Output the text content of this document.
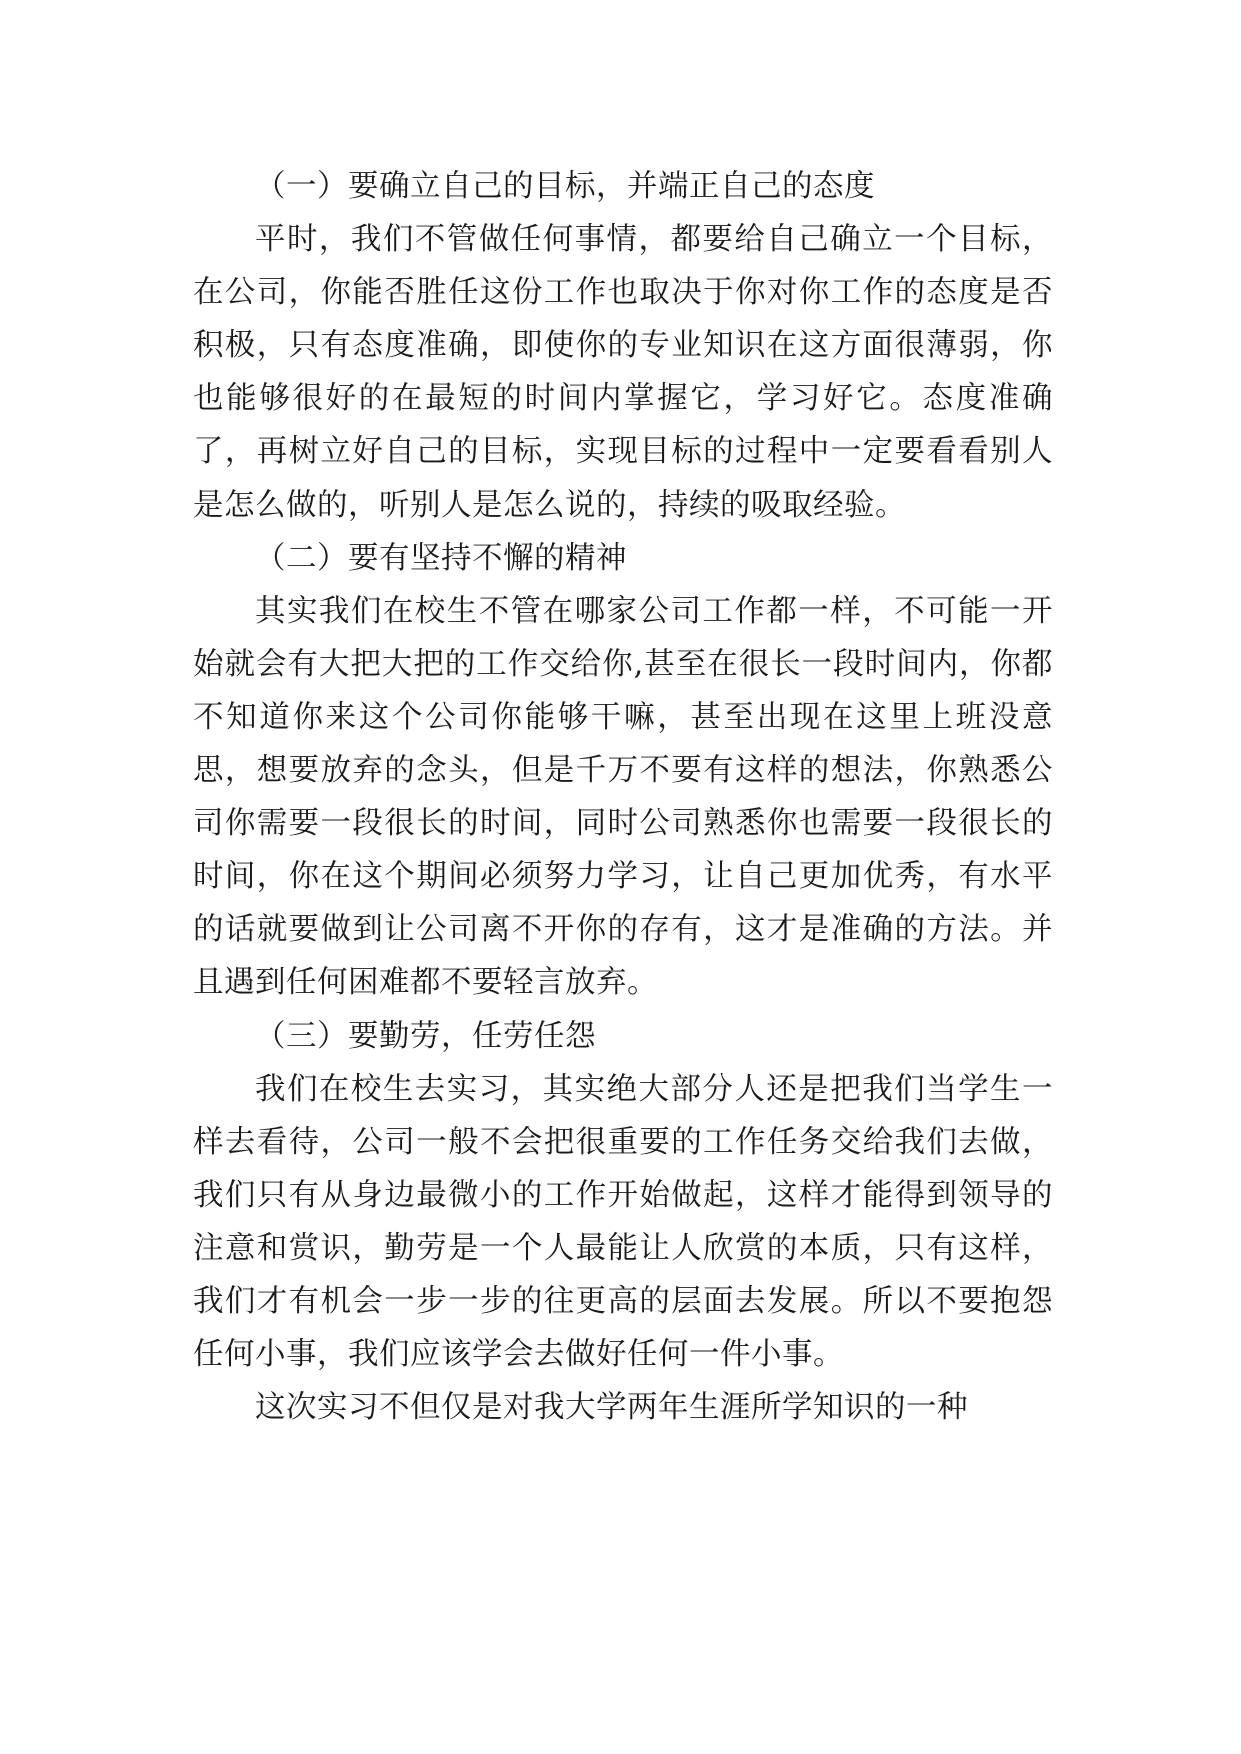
（一）要确立自己的目标，并端正自己的态度

平时，我们不管做任何事情，都要给自己确立一个目标，在公司，你能否胜任这份工作也取决于你对你工作的态度是否积极，只有态度准确，即使你的专业知识在这方面很薄弱，你也能够很好的在最短的时间内掌握它，学习好它。态度准确了，再树立好自己的目标，实现目标的过程中一定要看看别人是怎么做的，听别人是怎么说的，持续的吸取经验。

（二）要有坚持不懈的精神

其实我们在校生不管在哪家公司工作都一样，不可能一开始就会有大把大把的工作交给你,甚至在很长一段时间内，你都不知道你来这个公司你能够干嘛，甚至出现在这里上班没意思，想要放弃的念头，但是千万不要有这样的想法，你熟悉公司你需要一段很长的时间，同时公司熟悉你也需要一段很长的时间，你在这个期间必须努力学习，让自己更加优秀，有水平的话就要做到让公司离不开你的存有，这才是准确的方法。并且遇到任何困难都不要轻言放弃。

（三）要勤劳，任劳任怨

我们在校生去实习，其实绝大部分人还是把我们当学生一样去看待，公司一般不会把很重要的工作任务交给我们去做，我们只有从身边最微小的工作开始做起，这样才能得到领导的注意和赏识，勤劳是一个人最能让人欣赏的本质，只有这样，我们才有机会一步一步的往更高的层面去发展。所以不要抱怨任何小事，我们应该学会去做好任何一件小事。

这次实习不但仅是对我大学两年生涯所学知识的一种
